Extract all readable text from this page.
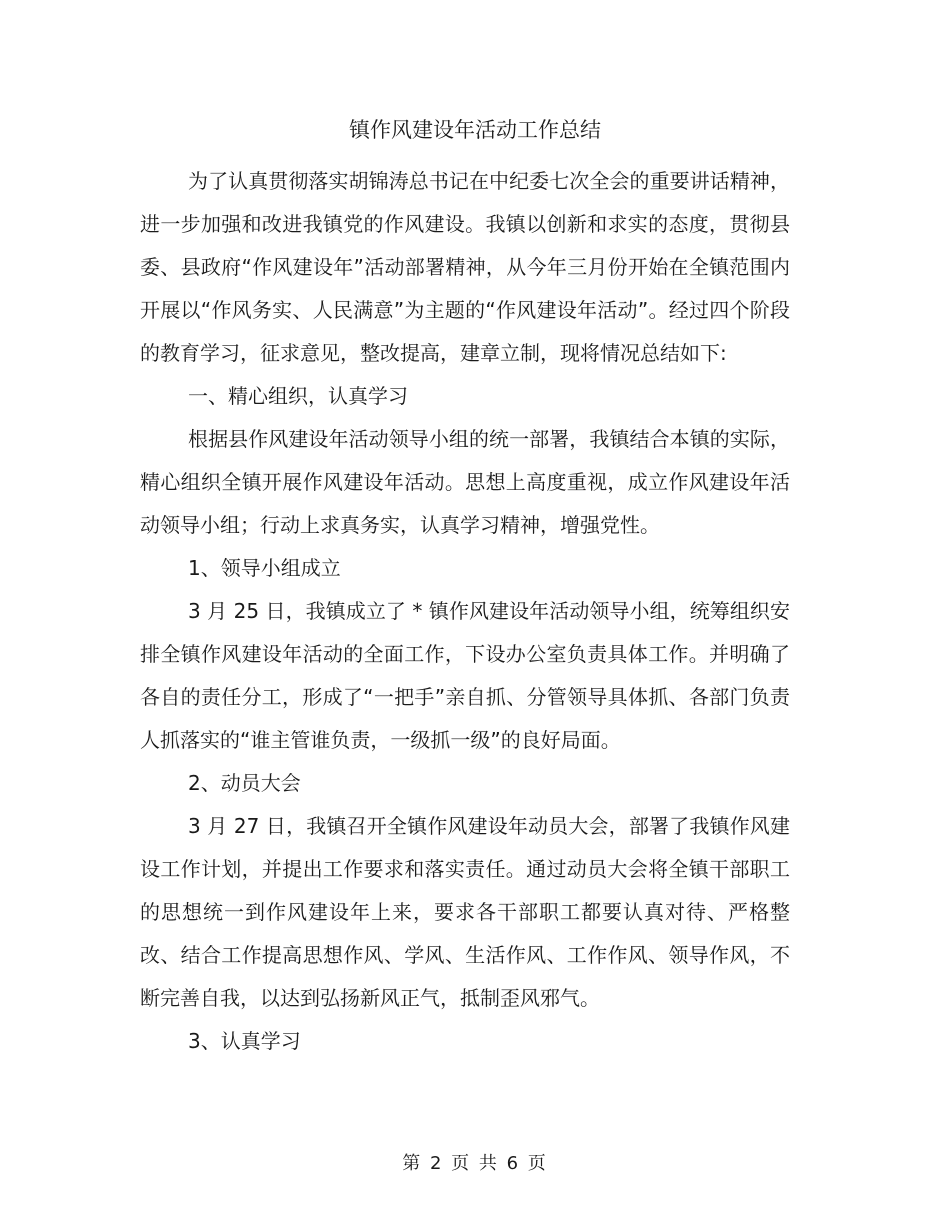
镇作风建设年活动工作总结

为了认真贯彻落实胡锦涛总书记在中纪委七次全会的重要讲话精神，进一步加强和改进我镇党的作风建设。我镇以创新和求实的态度，贯彻县委、县政府“作风建设年”活动部署精神，从今年三月份开始在全镇范围内开展以“作风务实、人民满意”为主题的“作风建设年活动”。经过四个阶段的教育学习，征求意见，整改提高，建章立制，现将情况总结如下:

一、精心组织，认真学习

根据县作风建设年活动领导小组的统一部署，我镇结合本镇的实际，精心组织全镇开展作风建设年活动。思想上高度重视，成立作风建设年活动领导小组；行动上求真务实，认真学习精神，增强党性。

1、领导小组成立

3 月 25 日，我镇成立了 * 镇作风建设年活动领导小组，统筹组织安排全镇作风建设年活动的全面工作，下设办公室负责具体工作。并明确了各自的责任分工，形成了“一把手”亲自抓、分管领导具体抓、各部门负责人抓落实的“谁主管谁负责，一级抓一级”的良好局面。

2、动员大会

3 月 27 日，我镇召开全镇作风建设年动员大会，部署了我镇作风建设工作计划，并提出工作要求和落实责任。通过动员大会将全镇干部职工的思想统一到作风建设年上来，要求各干部职工都要认真对待、严格整改、结合工作提高思想作风、学风、生活作风、工作作风、领导作风，不断完善自我，以达到弘扬新风正气，抵制歪风邪气。

3、认真学习

第 2 页 共 6 页
